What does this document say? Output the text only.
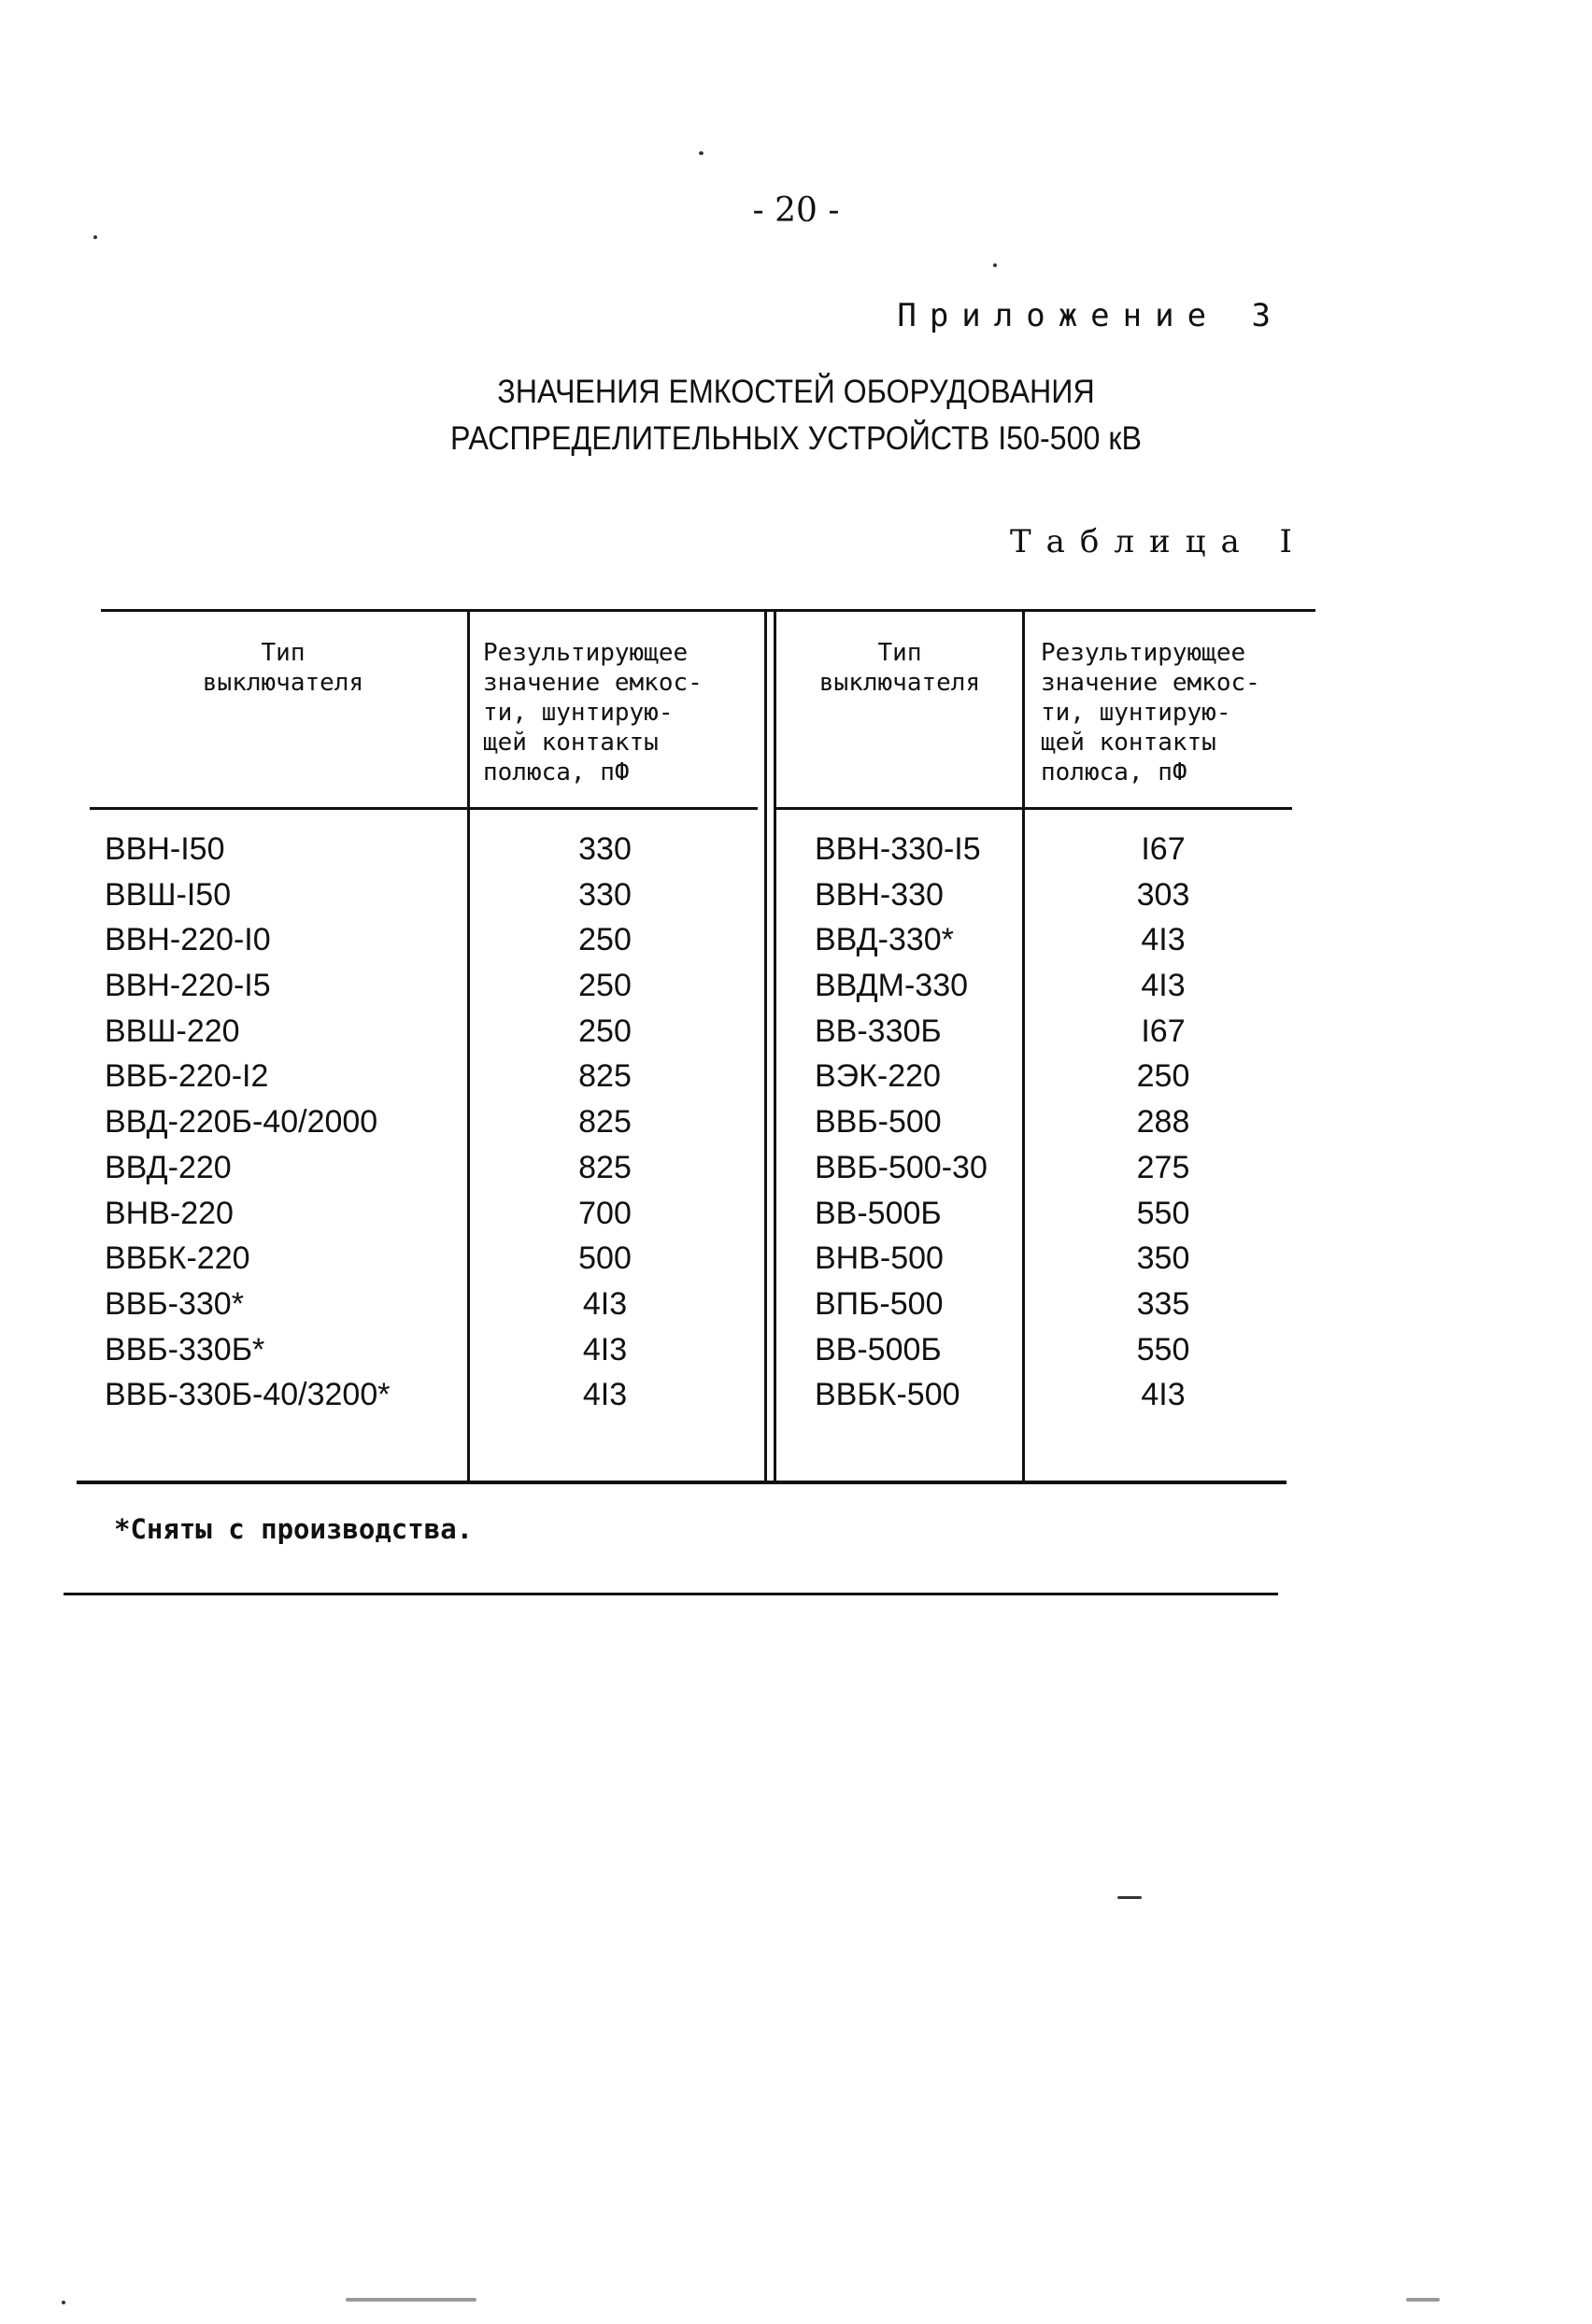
- 20 -
Приложение 3
ЗНАЧЕНИЯ ЕМКОСТЕЙ ОБОРУДОВАНИЯ
РАСПРЕДЕЛИТЕЛЬНЫХ УСТРОЙСТВ I50-500 кВ
Таблица I
Тип
выключателя
Результирующее
значение емкос-
ти, шунтирую-
щей контакты
полюса, пФ
Тип
выключателя
Результирующее
значение емкос-
ти, шунтирую-
щей контакты
полюса, пФ
ВВН-I50
ВВШ-I50
ВВН-220-I0
ВВН-220-I5
ВВШ-220
ВВБ-220-I2
ВВД-220Б-40/2000
ВВД-220
ВНВ-220
ВВБК-220
ВВБ-330*
ВВБ-330Б*
ВВБ-330Б-40/3200*
330
330
250
250
250
825
825
825
700
500
4I3
4I3
4I3
ВВН-330-I5
ВВН-330
ВВД-330*
ВВДМ-330
ВВ-330Б
ВЭК-220
ВВБ-500
ВВБ-500-30
ВВ-500Б
ВНВ-500
ВПБ-500
ВВ-500Б
ВВБК-500
I67
303
4I3
4I3
I67
250
288
275
550
350
335
550
4I3
*Сняты с производства.
